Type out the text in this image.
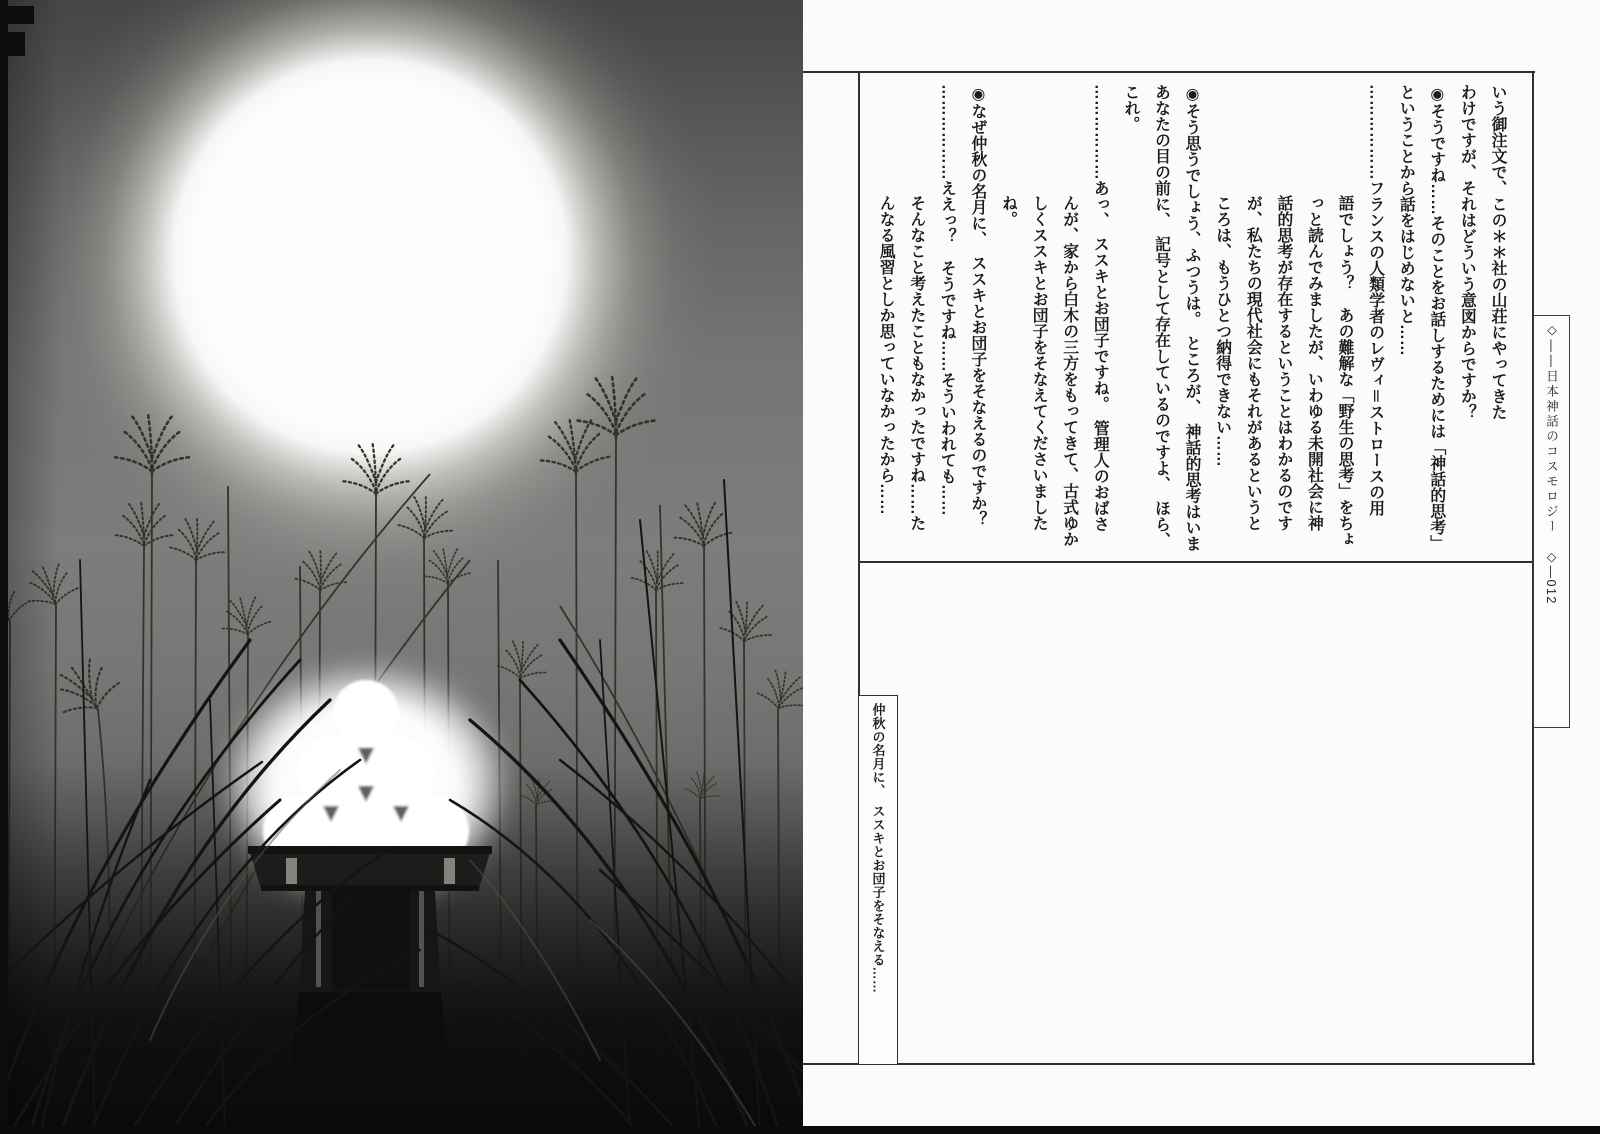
いう御注文で、この＊＊社の山荘にやってきた
わけですが、それはどういう意図からですか？
◉そうですね……そのことをお話しするためには「神話的思考」
ということから話をはじめないと……
………………フランスの人類学者のレヴィ＝ストロースの用
語でしょう？　あの難解な「野生の思考」をちょ
っと読んでみましたが、いわゆる未開社会に神
話的思考が存在するということはわかるのです
が、私たちの現代社会にもそれがあるというと
ころは、もうひとつ納得できない……
◉そう思うでしょう、ふつうは。　ところが、　神話的思考はいま
あなたの目の前に、　記号として存在しているのですよ、　ほら、
これ。
………………あっ、　ススキとお団子ですね。　管理人のおばさ
んが、家から白木の三方をもってきて、古式ゆか
しくススキとお団子をそなえてくださいました
ね。
◉なぜ仲秋の名月に、　ススキとお団子をそなえるのですか？
………………ええっ？　そうですね……そういわれても……
そんなこと考えたこともなかったですね……た
んなる風習としか思っていなかったから……	◇――日本神話のコスモロジー
◇―012
仲秋の名月に、　ススキとお団子をそなえる……
